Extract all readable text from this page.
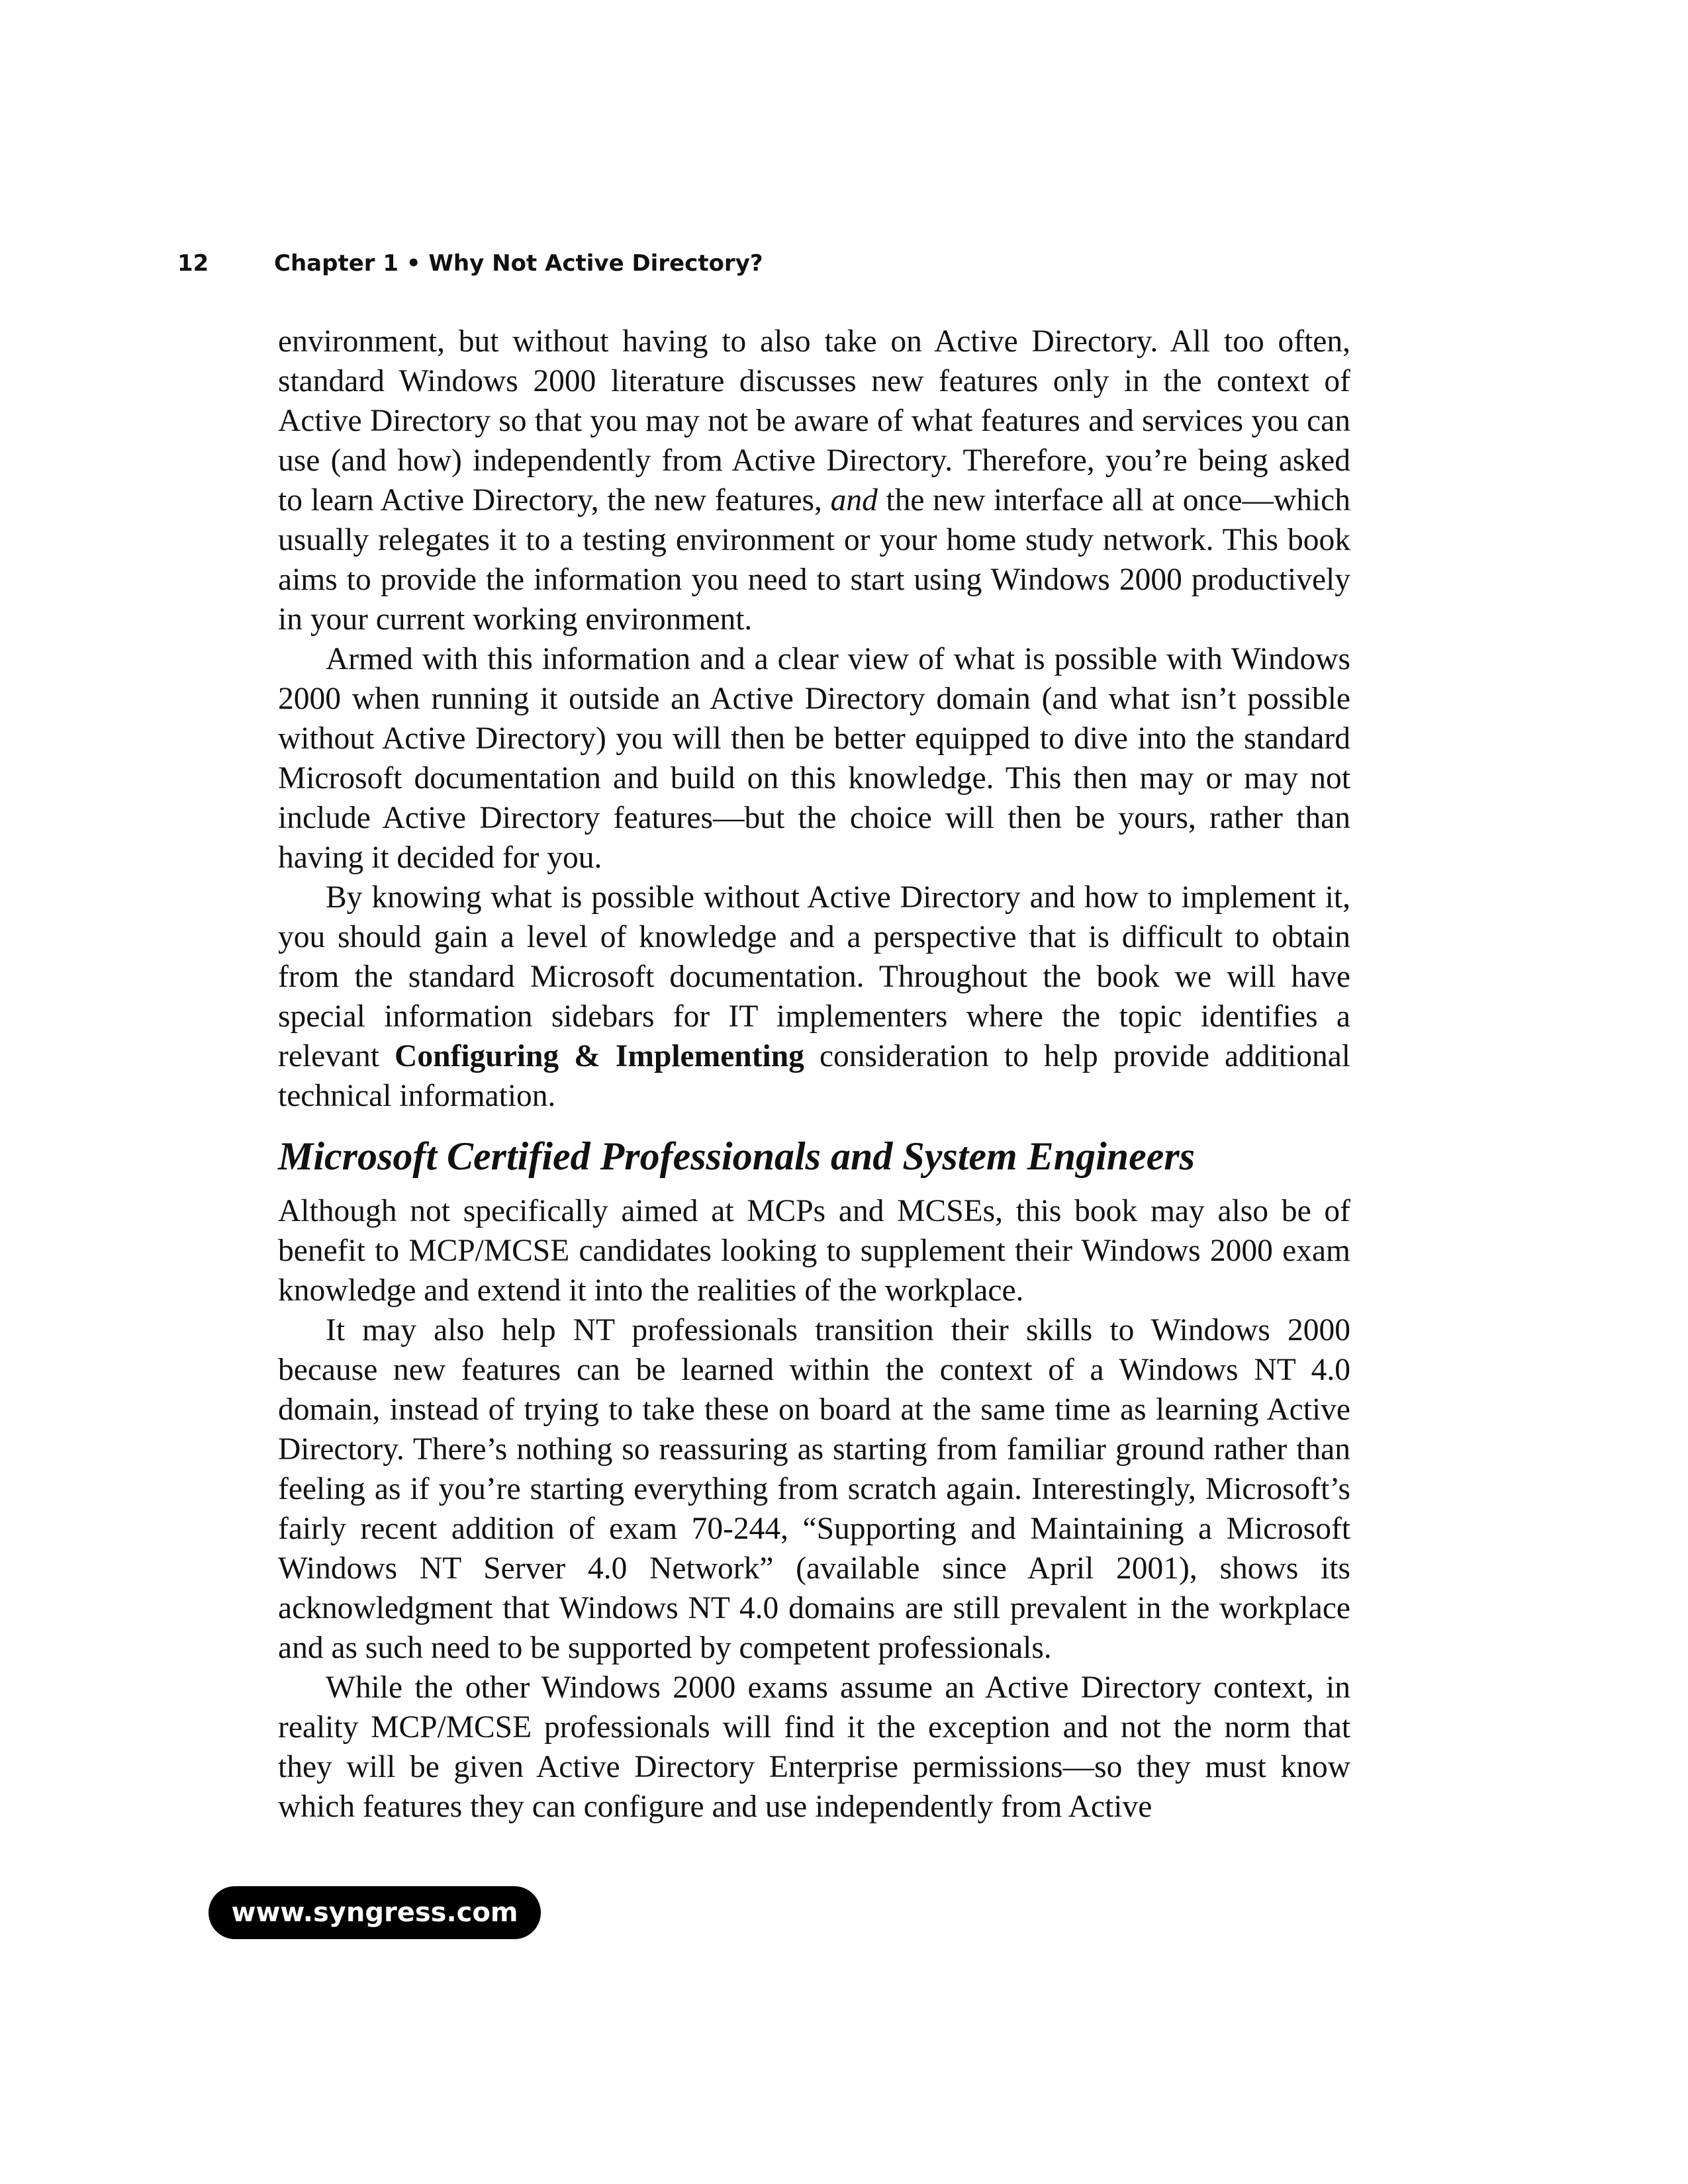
12	Chapter 1 • Why Not Active Directory?

environment, but without having to also take on Active Directory. All too often, standard Windows 2000 literature discusses new features only in the context of Active Directory so that you may not be aware of what features and services you can use (and how) independently from Active Directory. Therefore, you’re being asked to learn Active Directory, the new features, and the new interface all at once—which usually relegates it to a testing environment or your home study network. This book aims to provide the information you need to start using Windows 2000 productively in your current working environment.

Armed with this information and a clear view of what is possible with Windows 2000 when running it outside an Active Directory domain (and what isn’t possible without Active Directory) you will then be better equipped to dive into the standard Microsoft documentation and build on this knowledge. This then may or may not include Active Directory features—but the choice will then be yours, rather than having it decided for you.

By knowing what is possible without Active Directory and how to implement it, you should gain a level of knowledge and a perspective that is difficult to obtain from the standard Microsoft documentation. Throughout the book we will have special information sidebars for IT implementers where the topic identifies a relevant Configuring & Implementing consideration to help provide additional technical information.

Microsoft Certified Professionals and System Engineers

Although not specifically aimed at MCPs and MCSEs, this book may also be of benefit to MCP/MCSE candidates looking to supplement their Windows 2000 exam knowledge and extend it into the realities of the workplace.

It may also help NT professionals transition their skills to Windows 2000 because new features can be learned within the context of a Windows NT 4.0 domain, instead of trying to take these on board at the same time as learning Active Directory. There’s nothing so reassuring as starting from familiar ground rather than feeling as if you’re starting everything from scratch again. Interestingly, Microsoft’s fairly recent addition of exam 70-244, “Supporting and Maintaining a Microsoft Windows NT Server 4.0 Network” (available since April 2001), shows its acknowledgment that Windows NT 4.0 domains are still prevalent in the workplace and as such need to be supported by competent professionals.

While the other Windows 2000 exams assume an Active Directory context, in reality MCP/MCSE professionals will find it the exception and not the norm that they will be given Active Directory Enterprise permissions—so they must know which features they can configure and use independently from Active

www.syngress.com
